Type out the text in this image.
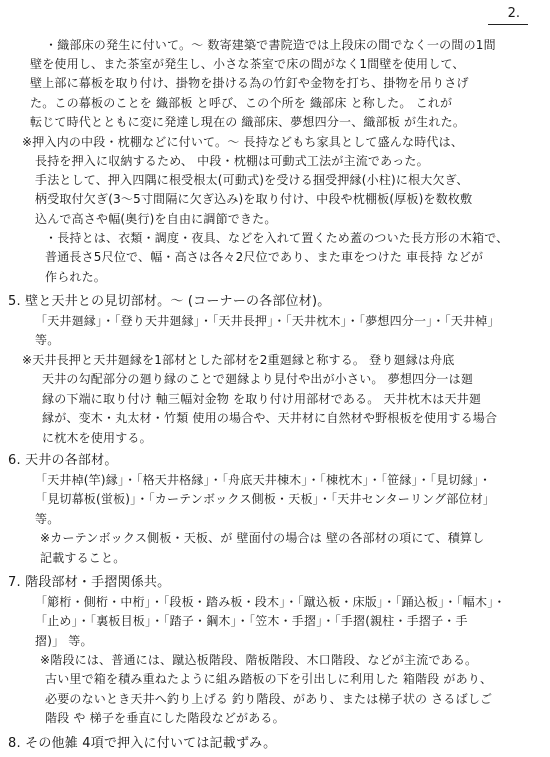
2.
・織部床の発生に付いて。〜 数寄建築で書院造では上段床の間でなく一の間の1間
壁を使用し、また茶室が発生し、小さな茶室で床の間がなく1間壁を使用して、
壁上部に幕板を取り付け、掛物を掛ける為の竹釘や金物を打ち、掛物を吊りさげ
た。この幕板のことを 織部板 と呼び、この个所を 織部床 と称した。 これが
転じて時代とともに変に発達し現在の 織部床、夢想四分一、織部板 が生れた。
※押入内の中段・枕棚などに付いて。〜 長持などもち家具として盛んな時代は、
長持を押入に収納するため、 中段・枕棚は可動式工法が主流であった。
手法として、押入四隅に根受根太(可動式)を受ける掴受押縁(小柱)に根大欠ぎ、
柄受取付欠ぎ(3〜5寸間隔に欠ぎ込み)を取り付け、中段や枕棚板(厚板)を数枚敷
込んで高さや幅(奥行)を自由に調節できた。
・長持とは、衣類・調度・夜具、などを入れて置くため蓋のついた長方形の木箱で、
普通長さ5尺位で、幅・高さは各々2尺位であり、また車をつけた 車長持 などが
作られた。
5. 壁と天井との見切部材。〜 (コーナーの各部位材)。
「天井廻縁」・「登り天井廻縁」・「天井長押」・「天井枕木」・「夢想四分一」・「天井棹」
等。
※天井長押と天井廻縁を1部材とした部材を2重廻縁と称する。 登り廻縁は舟底
天井の勾配部分の廻り縁のことで廻縁より見付や出が小さい。 夢想四分一は廻
縁の下端に取り付け 軸三幅対金物 を取り付け用部材である。 天井枕木は天井廻
縁が、变木・丸太材・竹類 使用の場合や、天井材に自然材や野根板を使用する場合
に枕木を使用する。
6. 天井の各部材。
「天井棹(竿)縁」・「格天井格縁」・「舟底天井棟木」・「棟枕木」・「笹縁」・「見切縁」・
「見切幕板(蛍板)」・「カーテンボックス側板・天板」・「天井センターリング部位材」
等。
※カーテンボックス側板・天板、が 壁面付の場合は 壁の各部材の項にて、積算し
記載すること。
7. 階段部材・手摺関係共。
「簓桁・側桁・中桁」・「段板・踏み板・段木」・「蹴込板・床版」・「踊込板」・「幅木」・
「止め」・「裏板目板」・「踏子・鋼木」・「笠木・手摺」・「手摺(親柱・手摺子・手
摺)」 等。
※階段には、普通には、蹴込板階段、階板階段、木口階段、などが主流である。
古い里で箱を積み重ねたように組み踏板の下を引出しに利用した 箱階段 があり、
必要のないとき天井へ釣り上げる 釣り階段、があり、または梯子状の さるばしご
階段 や 梯子を垂直にした階段などがある。
8. その他雑 4項で押入に付いては記載ずみ。
